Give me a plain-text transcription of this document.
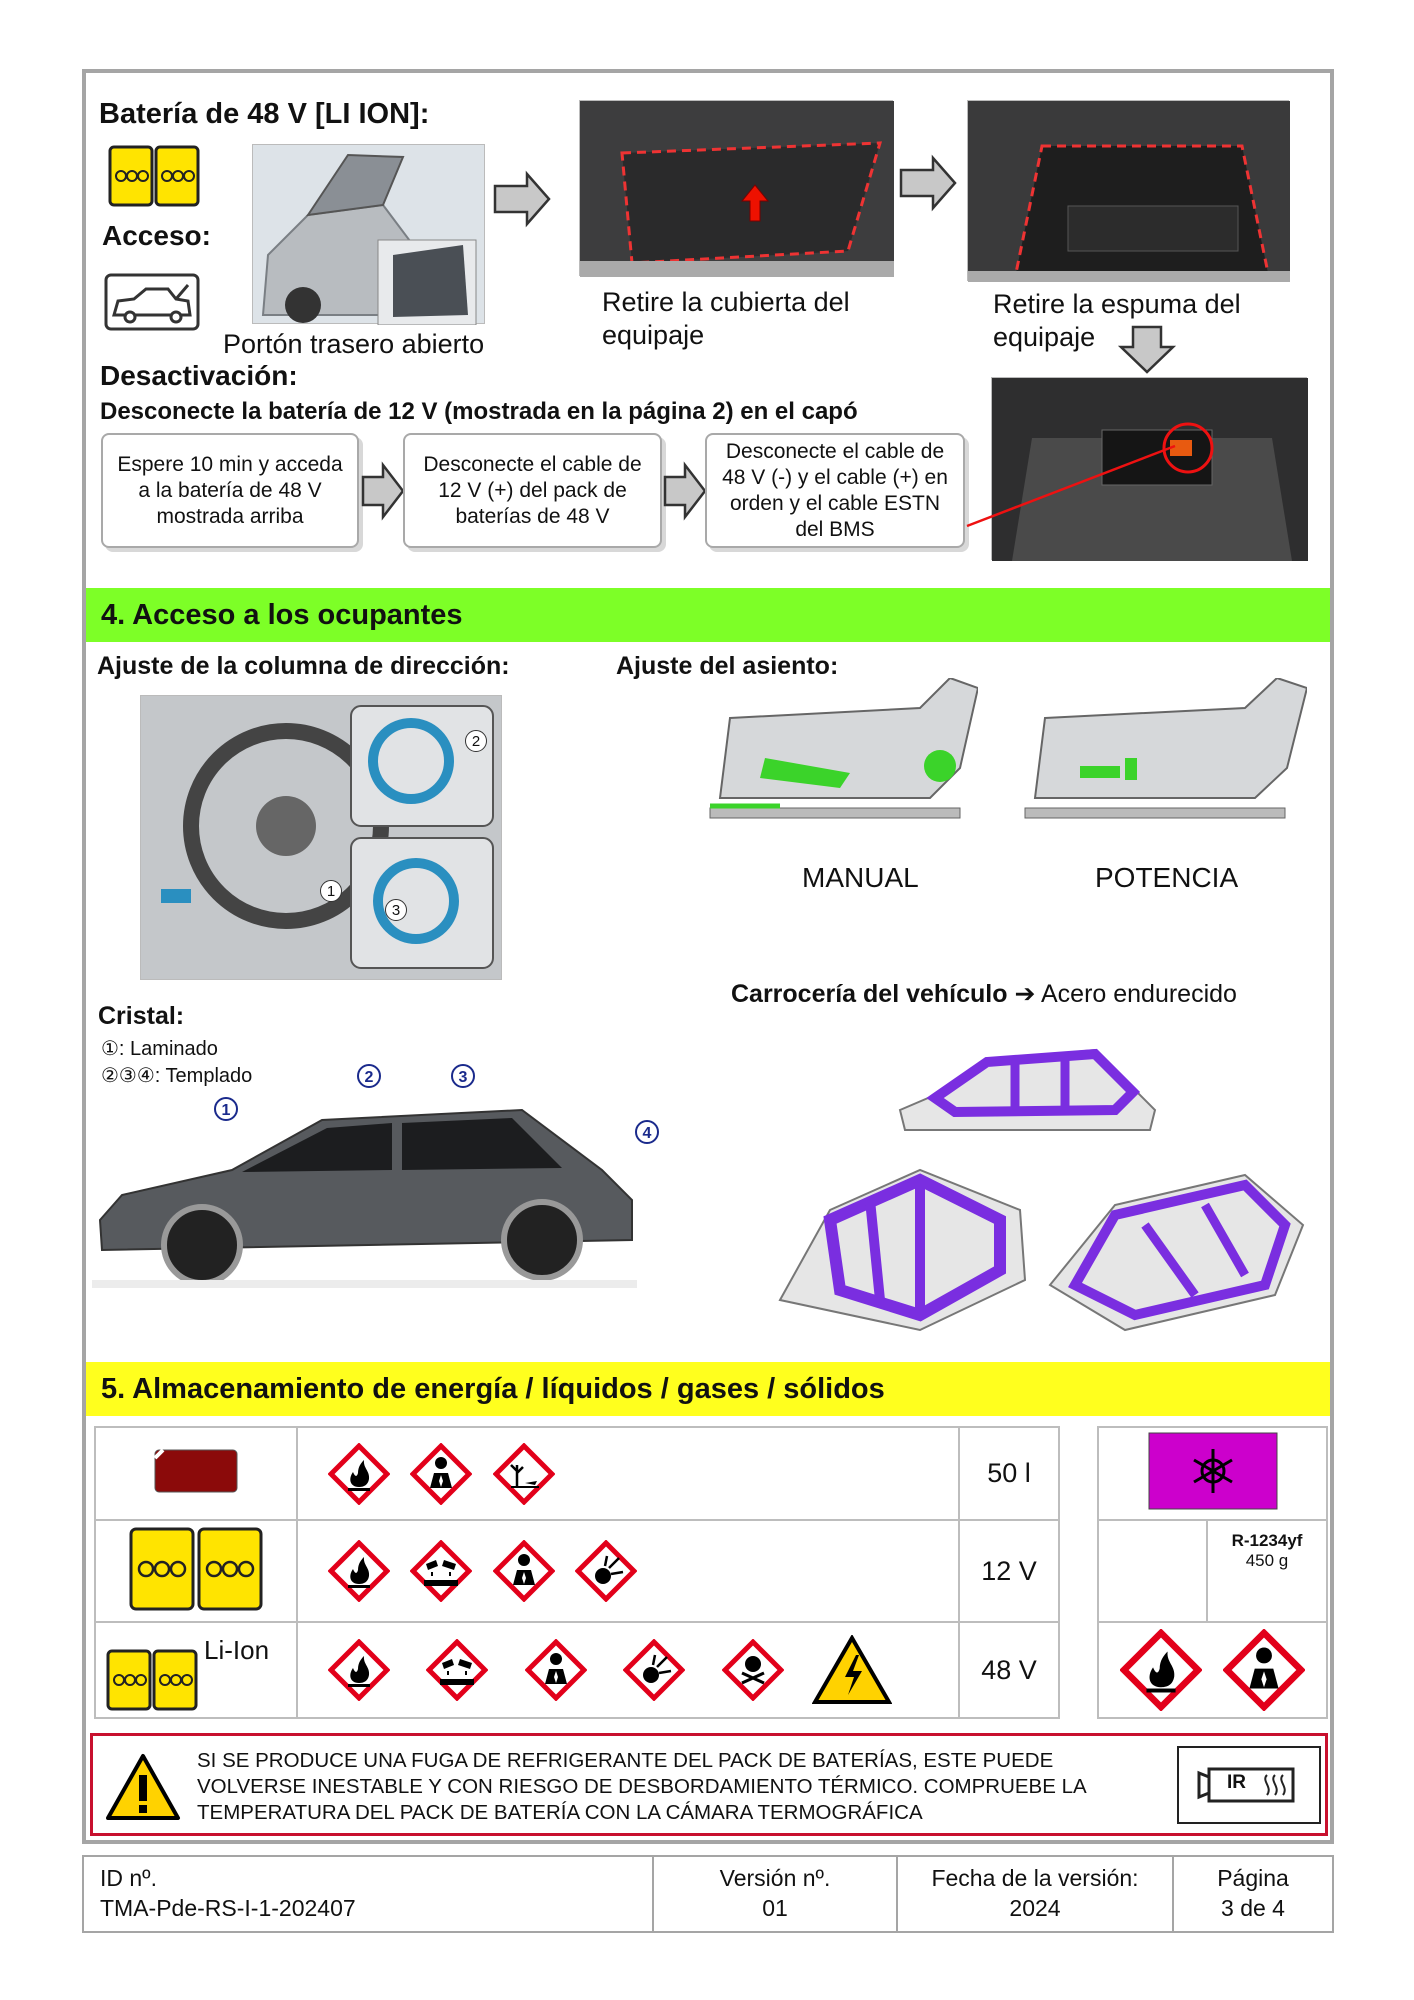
Batería de 48 V [LI ION]:
Acceso:
Portón trasero abierto
Retire la cubierta del equipaje
Retire la espuma del equipaje
Desactivación:
Desconecte la batería de 12 V (mostrada en la página 2) en el capó
Espere 10 min y acceda a la batería de 48 V mostrada arriba
Desconecte el cable de 12 V (+) del pack de baterías de 48 V
Desconecte el cable de 48 V (-) y el cable (+) en orden y el cable ESTN del BMS
4. Acceso a los ocupantes
Ajuste de la columna de dirección:	Ajuste del asiento:
1
2
3
MANUAL	POTENCIA
Carrocería del vehículo ➔ Acero endurecido
Cristal:
①: Laminado
②③④: Templado
1
2	3
4
5. Almacenamiento de energía / líquidos / gases / sólidos
		50 l
		12 V

Li-Ion		48 V

R-1234yf
450 g

SI SE PRODUCE UNA FUGA DE REFRIGERANTE DEL PACK DE BATERÍAS, ESTE PUEDE VOLVERSE INESTABLE Y CON RIESGO DE DESBORDAMIENTO TÉRMICO. COMPRUEBE LA TEMPERATURA DEL PACK DE BATERÍA CON LA CÁMARA TERMOGRÁFICA
IR
ID nº.
TMA-Pde-RS-I-1-202407

Versión nº.
01

Fecha de la versión:
2024

Página
3 de 4
